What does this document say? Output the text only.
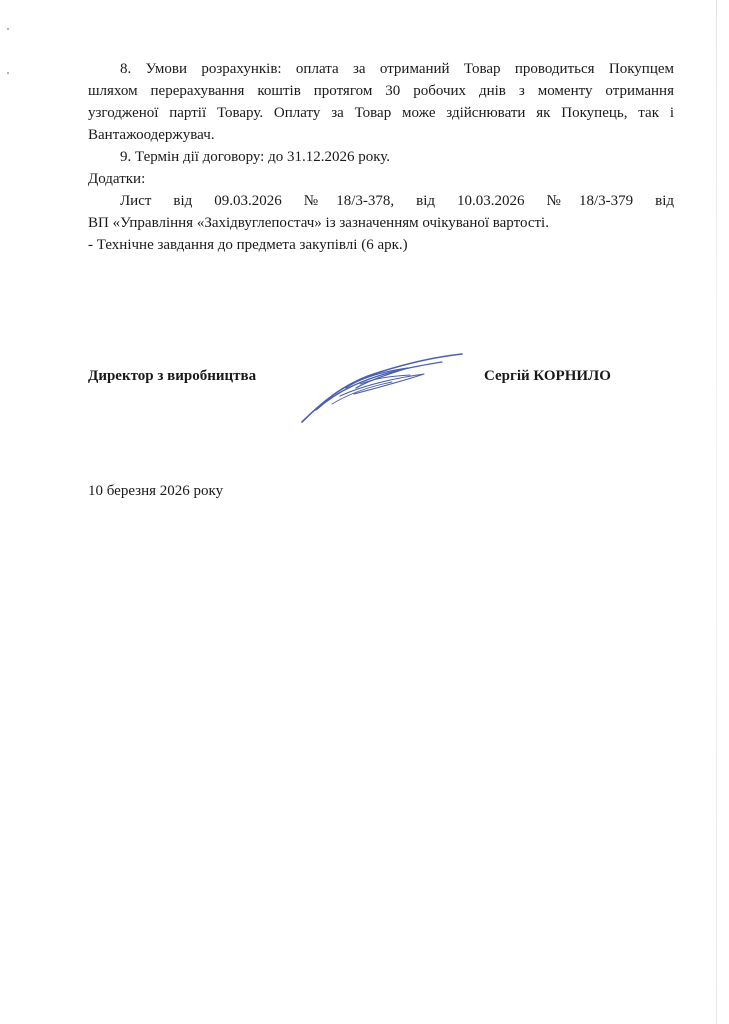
8. Умови розрахунків: оплата за отриманий Товар проводиться Покупцем

шляхом перерахування коштів протягом 30 робочих днів з моменту отримання

узгодженої партії Товару. Оплату за Товар може здійснювати як Покупець, так і

Вантажоодержувач.

9. Термін дії договору: до 31.12.2026 року.

Додатки:

Лист від 09.03.2026 №18/3-378, від 10.03.2026 №18/3-379 від

ВП «Управління «Західвуглепостач» із зазначенням очікуваної вартості.

- Технічне завдання до предмета закупівлі (6 арк.)

Директор з виробництва	Сергій КОРНИЛО
10 березня 2026 року
